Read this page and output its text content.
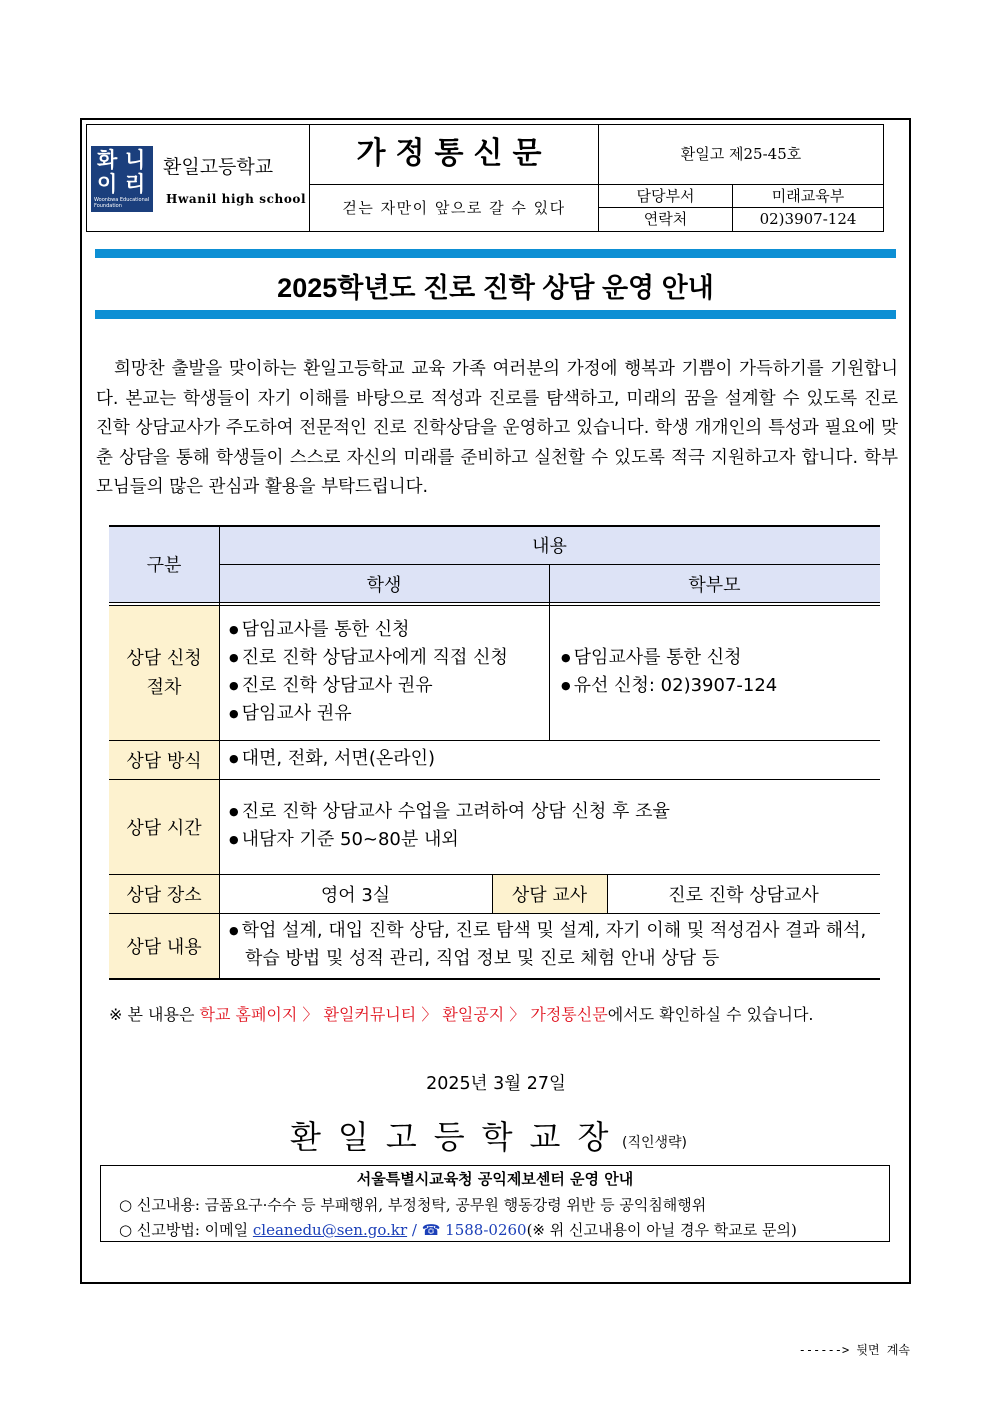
화 니
이 리
Woonbwa Educational Foundation
환일고등학교
Hwanil high school
가정통신문
걷는 자만이 앞으로 갈 수 있다
환일고 제25-45호
담당부서	미래교육부
연락처	02)3907-124
2025학년도 진로 진학 상담 운영 안내
희망찬 출발을 맞이하는 환일고등학교 교육 가족 여러분의 가정에 행복과 기쁨이 가득하기를 기원합니다. 본교는 학생들이 자기 이해를 바탕으로 적성과 진로를 탐색하고, 미래의 꿈을 설계할 수 있도록 진로 진학 상담교사가 주도하여 전문적인 진로 진학상담을 운영하고 있습니다. 학생 개개인의 특성과 필요에 맞춘 상담을 통해 학생들이 스스로 자신의 미래를 준비하고 실천할 수 있도록 적극 지원하고자 합니다. 학부모님들의 많은 관심과 활용을 부탁드립니다.
구분
내용
학생	학부모
상담 신청
절차
● 담임교사를 통한 신청
● 진로 진학 상담교사에게 직접 신청
● 진로 진학 상담교사 권유
● 담임교사 권유
● 담임교사를 통한 신청
● 유선 신청: 02)3907-124
상담 방식
●	대면, 전화, 서면(온라인)
상담 시간
● 진로 진학 상담교사 수업을 고려하여 상담 신청 후 조율
● 내담자 기준 50~80분 내외
상담 장소	영어 3실	상담 교사	진로 진학 상담교사
상담 내용
● 학업 설계, 대입 진학 상담, 진로 탐색 및 설계, 자기 이해 및 적성검사 결과 해석,
학습 방법 및 성적 관리, 직업 정보 및 진로 체험 안내 상담 등
※ 본 내용은 학교 홈페이지 〉 환일커뮤니티 〉 환일공지 〉 가정통신문에서도 확인하실 수 있습니다.
2025년 3월 27일
환일고등학교장
(직인생략)
서울특별시교육청 공익제보센터 운영 안내
○ 신고내용: 금품요구·수수 등 부패행위, 부정청탁, 공무원 행동강령 위반 등 공익침해행위
○ 신고방법: 이메일 cleanedu@sen.go.kr / ☎ 1588-0260(※ 위 신고내용이 아닐 경우 학교로 문의)
------> 뒷면 계속
